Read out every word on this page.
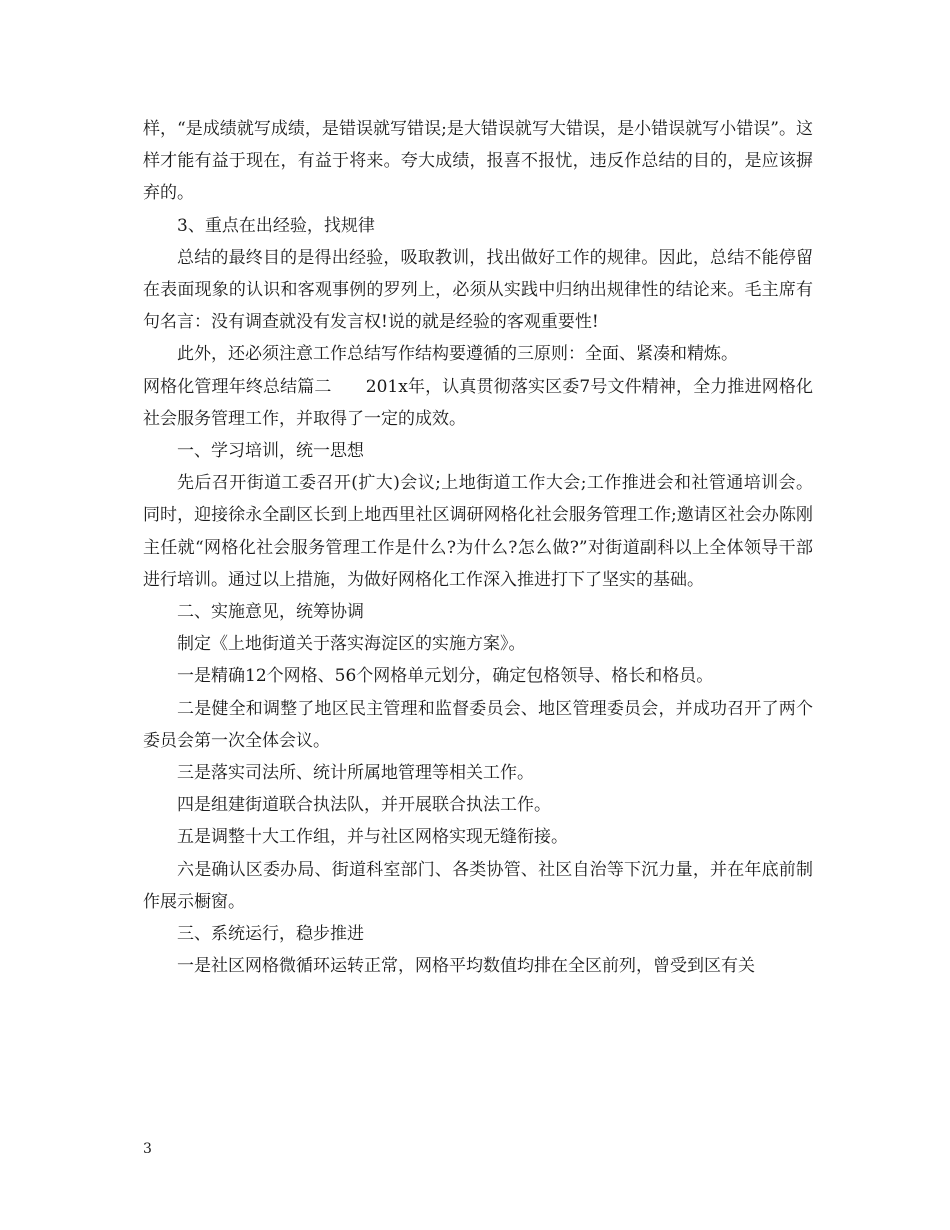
样，“是成绩就写成绩，是错误就写错误;是大错误就写大错误，是小错误就写小错误”。这样才能有益于现在，有益于将来。夸大成绩，报喜不报忧，违反作总结的目的，是应该摒弃的。

3、重点在出经验，找规律

总结的最终目的是得出经验，吸取教训，找出做好工作的规律。因此，总结不能停留在表面现象的认识和客观事例的罗列上，必须从实践中归纳出规律性的结论来。毛主席有句名言：没有调查就没有发言权!说的就是经验的客观重要性!

此外，还必须注意工作总结写作结构要遵循的三原则：全面、紧凑和精炼。

网格化管理年终总结篇二　　201x年，认真贯彻落实区委7号文件精神，全力推进网格化社会服务管理工作，并取得了一定的成效。

一、学习培训，统一思想

先后召开街道工委召开(扩大)会议;上地街道工作大会;工作推进会和社管通培训会。同时，迎接徐永全副区长到上地西里社区调研网格化社会服务管理工作;邀请区社会办陈刚主任就“网格化社会服务管理工作是什么?为什么?怎么做?”对街道副科以上全体领导干部进行培训。通过以上措施，为做好网格化工作深入推进打下了坚实的基础。

二、实施意见，统筹协调

制定《上地街道关于落实海淀区的实施方案》。

一是精确12个网格、56个网格单元划分，确定包格领导、格长和格员。

二是健全和调整了地区民主管理和监督委员会、地区管理委员会，并成功召开了两个委员会第一次全体会议。

三是落实司法所、统计所属地管理等相关工作。

四是组建街道联合执法队，并开展联合执法工作。

五是调整十大工作组，并与社区网格实现无缝衔接。

六是确认区委办局、街道科室部门、各类协管、社区自治等下沉力量，并在年底前制作展示橱窗。

三、系统运行，稳步推进

一是社区网格微循环运转正常，网格平均数值均排在全区前列，曾受到区有关

3
